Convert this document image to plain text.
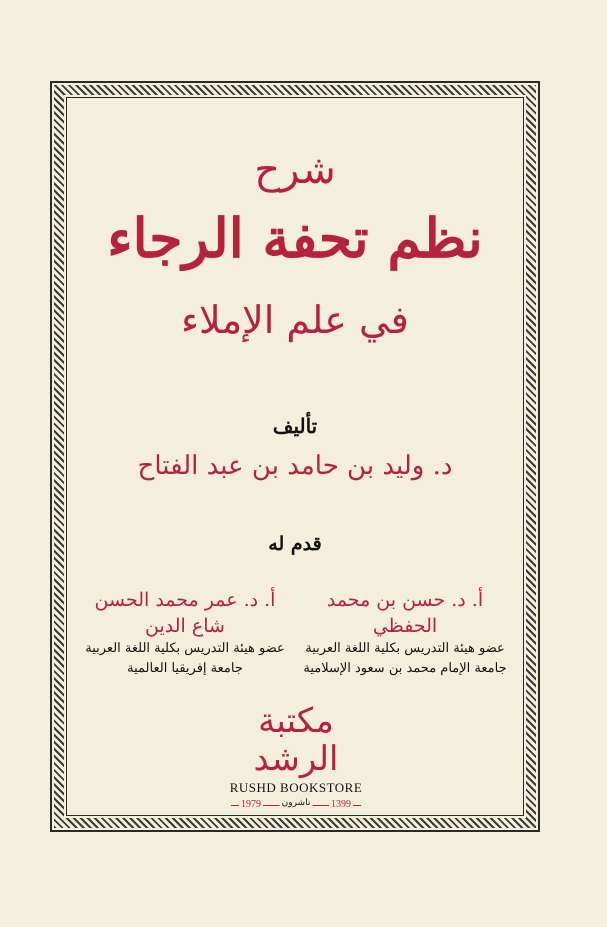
شرح
نظم تحفة الرجاء
في علم الإملاء
تأليف
د. وليد بن حامد بن عبد الفتاح
قدم له
أ. د. حسن بن محمد الحفظي
عضو هيئة التدريس بكلية اللغة العربية
جامعة الإمام محمد بن سعود الإسلامية
أ. د. عمر محمد الحسن شاع الدين
عضو هيئة التدريس بكلية اللغة العربية
جامعة إفريقيا العالمية
مكتبة الرشد
RUSHD BOOKSTORE
1979 ناشرون 1399
